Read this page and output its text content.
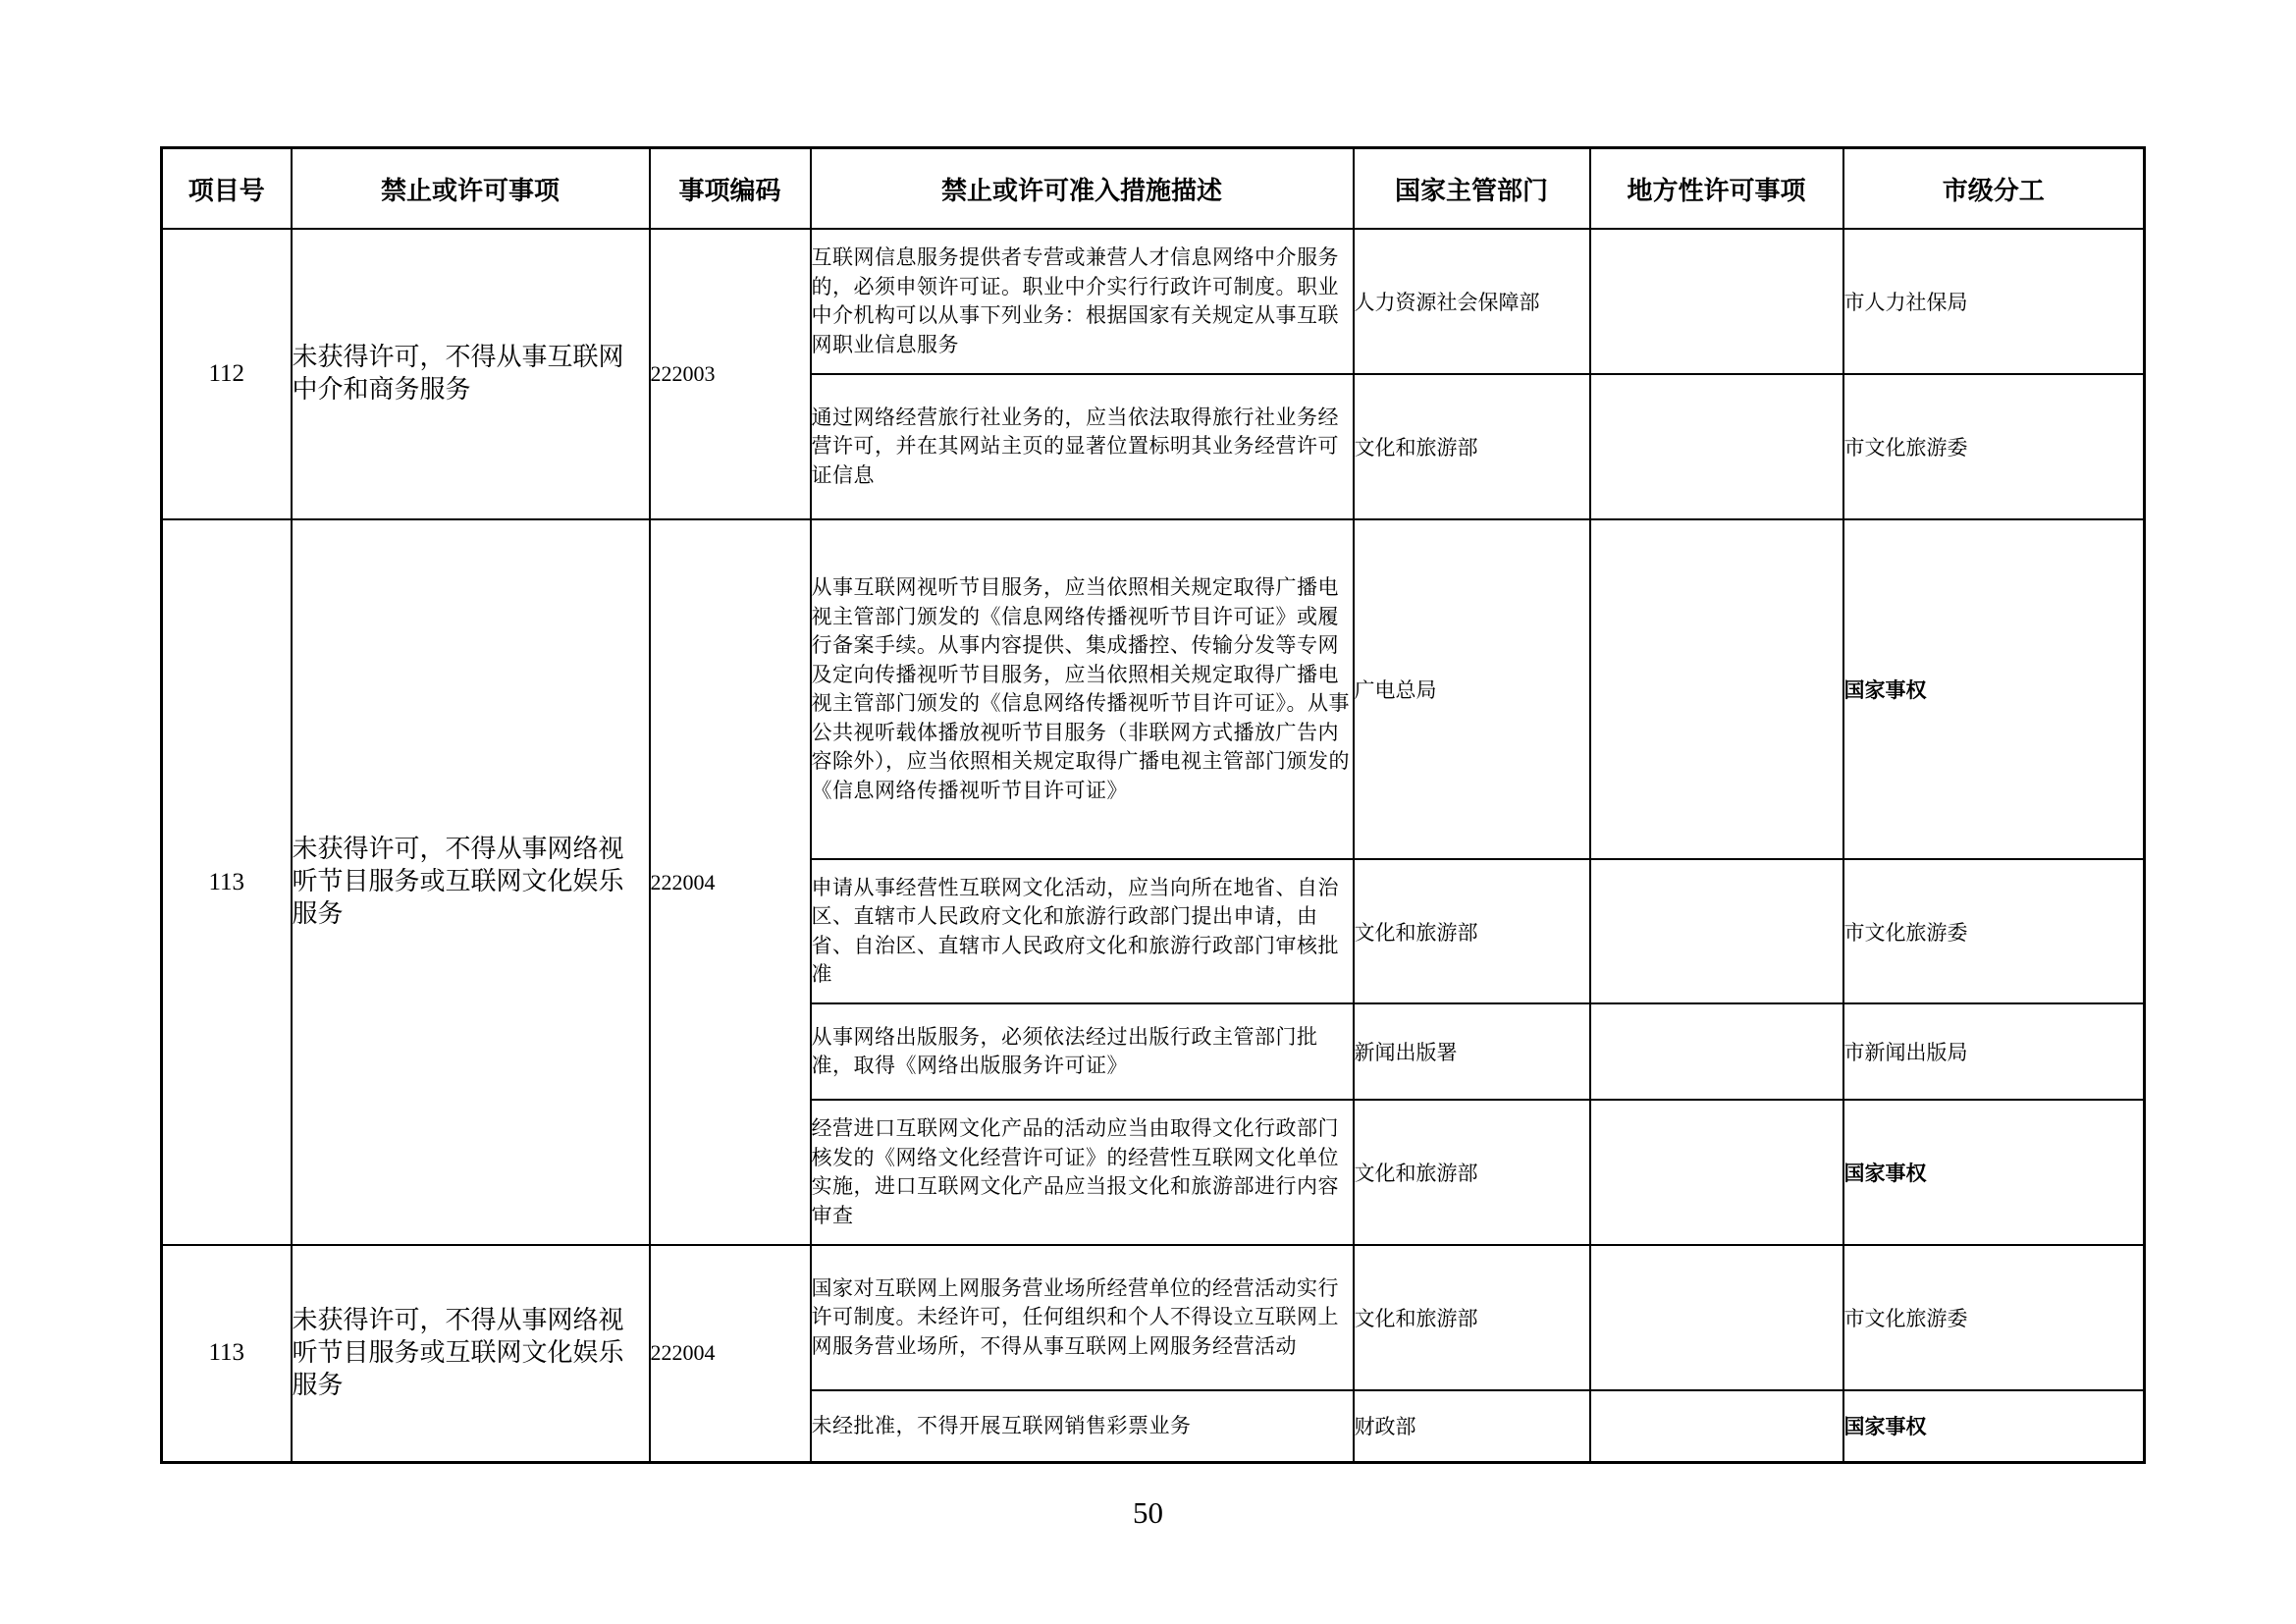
项目号	禁止或许可事项	事项编码	禁止或许可准入措施描述	国家主管部门	地方性许可事项	市级分工
112	未获得许可，不得从事互联网中介和商务服务	222003	互联网信息服务提供者专营或兼营人才信息网络中介服务的，必须申领许可证。职业中介实行行政许可制度。职业中介机构可以从事下列业务：根据国家有关规定从事互联网职业信息服务	人力资源社会保障部		市人力社保局
			通过网络经营旅行社业务的，应当依法取得旅行社业务经营许可，并在其网站主页的显著位置标明其业务经营许可证信息	文化和旅游部		市文化旅游委
113	未获得许可，不得从事网络视听节目服务或互联网文化娱乐服务	222004	从事互联网视听节目服务，应当依照相关规定取得广播电视主管部门颁发的《信息网络传播视听节目许可证》或履行备案手续。从事内容提供、集成播控、传输分发等专网及定向传播视听节目服务，应当依照相关规定取得广播电视主管部门颁发的《信息网络传播视听节目许可证》。从事公共视听载体播放视听节目服务（非联网方式播放广告内容除外），应当依照相关规定取得广播电视主管部门颁发的《信息网络传播视听节目许可证》	广电总局		国家事权
			申请从事经营性互联网文化活动，应当向所在地省、自治区、直辖市人民政府文化和旅游行政部门提出申请，由省、自治区、直辖市人民政府文化和旅游行政部门审核批准	文化和旅游部		市文化旅游委
			从事网络出版服务，必须依法经过出版行政主管部门批准，取得《网络出版服务许可证》	新闻出版署		市新闻出版局
			经营进口互联网文化产品的活动应当由取得文化行政部门核发的《网络文化经营许可证》的经营性互联网文化单位实施，进口互联网文化产品应当报文化和旅游部进行内容审查	文化和旅游部		国家事权
113	未获得许可，不得从事网络视听节目服务或互联网文化娱乐服务	222004	国家对互联网上网服务营业场所经营单位的经营活动实行许可制度。未经许可，任何组织和个人不得设立互联网上网服务营业场所，不得从事互联网上网服务经营活动	文化和旅游部		市文化旅游委
			未经批准，不得开展互联网销售彩票业务	财政部		国家事权
50
